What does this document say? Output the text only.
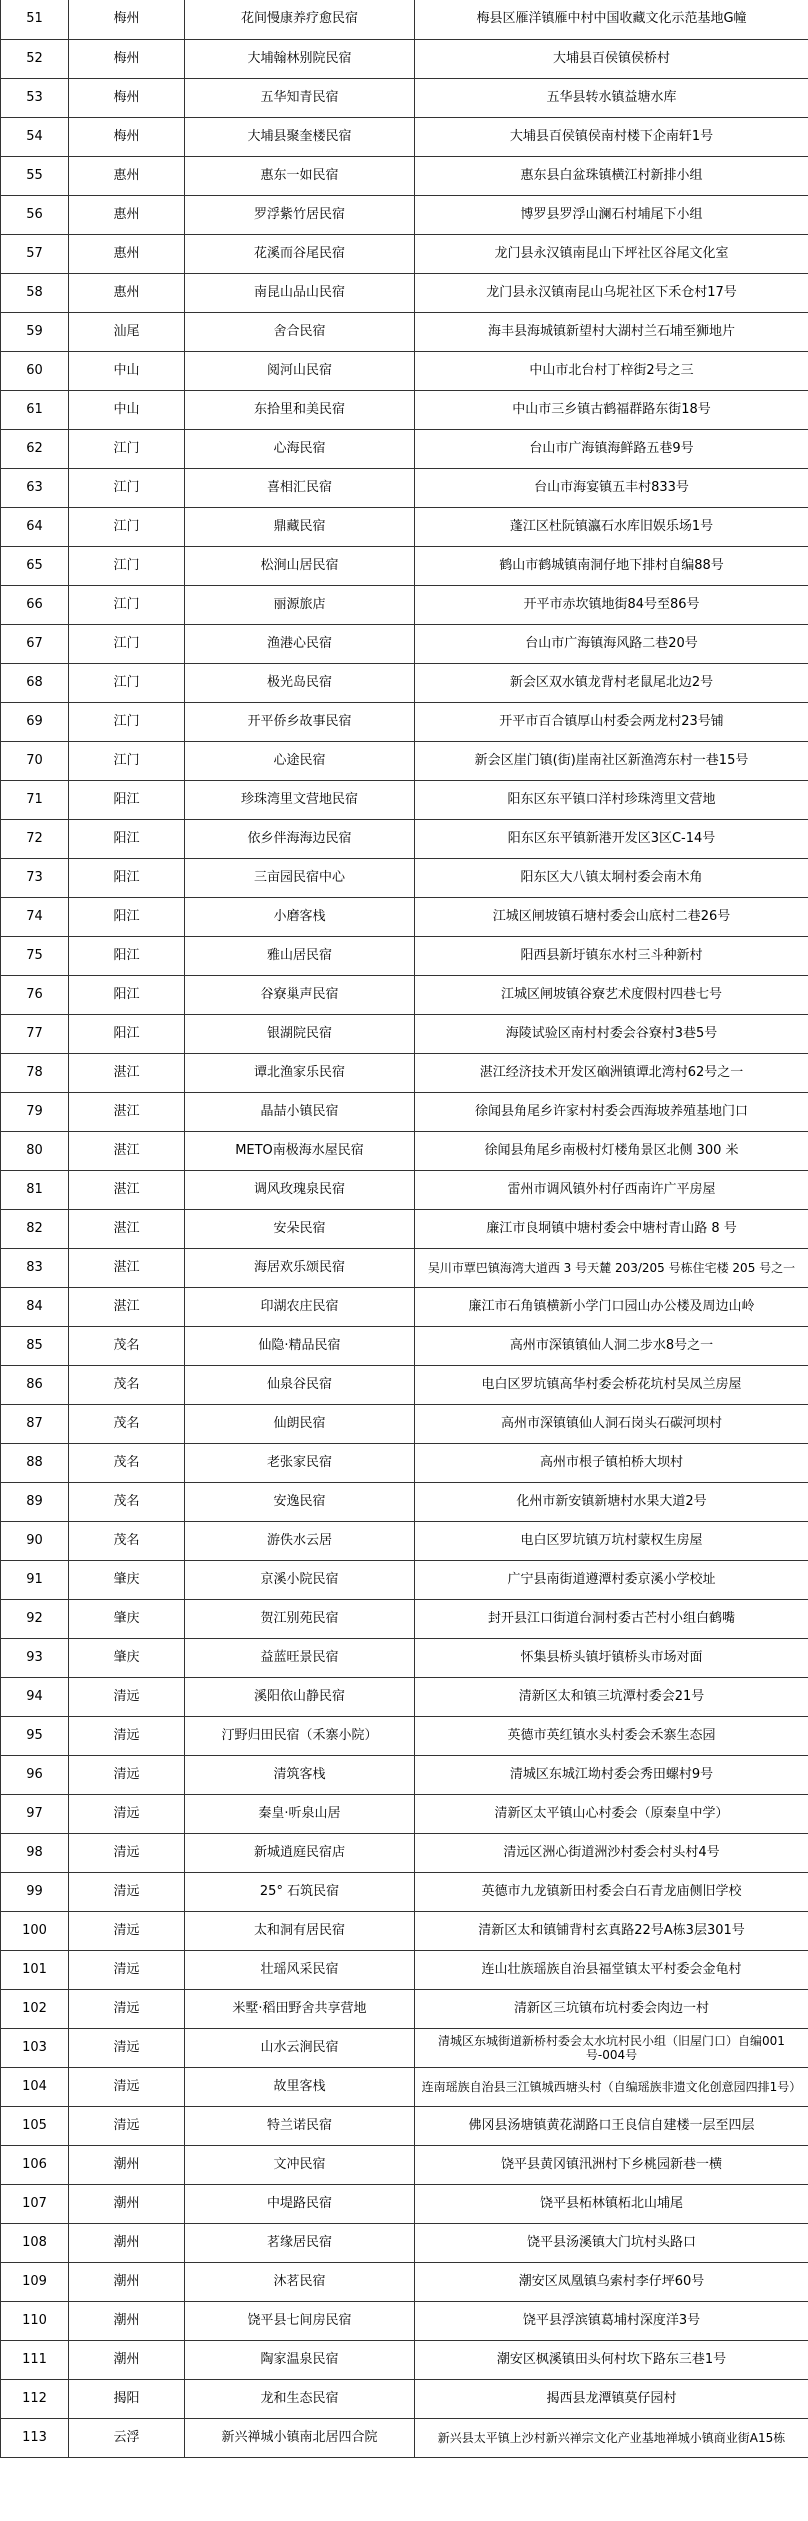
51	梅州	花间慢康养疗愈民宿	梅县区雁洋镇雁中村中国收藏文化示范基地G幢
52	梅州	大埔翰林别院民宿	大埔县百侯镇侯桥村
53	梅州	五华知青民宿	五华县转水镇益塘水库
54	梅州	大埔县聚奎楼民宿	大埔县百侯镇侯南村楼下企南轩1号
55	惠州	惠东一如民宿	惠东县白盆珠镇横江村新排小组
56	惠州	罗浮紫竹居民宿	博罗县罗浮山澜石村埔尾下小组
57	惠州	花溪而谷尾民宿	龙门县永汉镇南昆山下坪社区谷尾文化室
58	惠州	南昆山品山民宿	龙门县永汉镇南昆山乌坭社区下禾仓村17号
59	汕尾	舍合民宿	海丰县海城镇新望村大湖村兰石埔至狮地片
60	中山	阅河山民宿	中山市北台村丁梓街2号之三
61	中山	东拾里和美民宿	中山市三乡镇古鹤福群路东街18号
62	江门	心海民宿	台山市广海镇海鲜路五巷9号
63	江门	喜相汇民宿	台山市海宴镇五丰村833号
64	江门	鼎藏民宿	蓬江区杜阮镇瀛石水库旧娱乐场1号
65	江门	松涧山居民宿	鹤山市鹤城镇南洞仔地下排村自编88号
66	江门	丽源旅店	开平市赤坎镇地街84号至86号
67	江门	渔港心民宿	台山市广海镇海风路二巷20号
68	江门	极光岛民宿	新会区双水镇龙背村老鼠尾北边2号
69	江门	开平侨乡故事民宿	开平市百合镇厚山村委会两龙村23号铺
70	江门	心途民宿	新会区崖门镇(街)崖南社区新渔湾东村一巷15号
71	阳江	珍珠湾里文营地民宿	阳东区东平镇口洋村珍珠湾里文营地
72	阳江	依乡伴海海边民宿	阳东区东平镇新港开发区3区C-14号
73	阳江	三亩园民宿中心	阳东区大八镇太垌村委会南木角
74	阳江	小磨客栈	江城区闸坡镇石塘村委会山底村二巷26号
75	阳江	雅山居民宿	阳西县新圩镇东水村三斗种新村
76	阳江	谷寮巢声民宿	江城区闸坡镇谷寮艺术度假村四巷七号
77	阳江	银湖院民宿	海陵试验区南村村委会谷寮村3巷5号
78	湛江	谭北渔家乐民宿	湛江经济技术开发区硇洲镇谭北湾村62号之一
79	湛江	晶喆小镇民宿	徐闻县角尾乡许家村村委会西海坡养殖基地门口
80	湛江	METO南极海水屋民宿	徐闻县角尾乡南极村灯楼角景区北侧 300 米
81	湛江	调风玫瑰泉民宿	雷州市调风镇外村仔西南许广平房屋
82	湛江	安朵民宿	廉江市良垌镇中塘村委会中塘村青山路 8 号
83	湛江	海居欢乐颂民宿	吴川市覃巴镇海湾大道西 3 号天麓 203/205 号栋住宅楼 205 号之一
84	湛江	印湖农庄民宿	廉江市石角镇横新小学门口园山办公楼及周边山岭
85	茂名	仙隐·精品民宿	高州市深镇镇仙人洞二步水8号之一
86	茂名	仙泉谷民宿	电白区罗坑镇高华村委会桥花坑村吴凤兰房屋
87	茂名	仙朗民宿	高州市深镇镇仙人洞石岗头石碳河坝村
88	茂名	老张家民宿	高州市根子镇柏桥大坝村
89	茂名	安逸民宿	化州市新安镇新塘村水果大道2号
90	茂名	游佚水云居	电白区罗坑镇万坑村蒙权生房屋
91	肇庆	京溪小院民宿	广宁县南街道遵潭村委京溪小学校址
92	肇庆	贺江别苑民宿	封开县江口街道台洞村委古芒村小组白鹤嘴
93	肇庆	益蓝旺景民宿	怀集县桥头镇圩镇桥头市场对面
94	清远	溪阳依山静民宿	清新区太和镇三坑潭村委会21号
95	清远	汀野归田民宿（禾寨小院）	英德市英红镇水头村委会禾寨生态园
96	清远	清筑客栈	清城区东城江坳村委会秀田螺村9号
97	清远	秦皇·听泉山居	清新区太平镇山心村委会（原秦皇中学）
98	清远	新城逍庭民宿店	清远区洲心街道洲沙村委会村头村4号
99	清远	25° 石筑民宿	英德市九龙镇新田村委会白石青龙庙侧旧学校
100	清远	太和洞有居民宿	清新区太和镇铺背村玄真路22号A栋3层301号
101	清远	壮瑶风采民宿	连山壮族瑶族自治县福堂镇太平村委会金龟村
102	清远	米墅·稻田野舍共享营地	清新区三坑镇布坑村委会肉边一村
103	清远	山水云涧民宿	清城区东城街道新桥村委会太水坑村民小组（旧屋门口）自编001号-004号
104	清远	故里客栈	连南瑶族自治县三江镇城西塘头村（自编瑶族非遗文化创意园四排1号）
105	清远	特兰诺民宿	佛冈县汤塘镇黄花湖路口王良信自建楼一层至四层
106	潮州	文冲民宿	饶平县黄冈镇汛洲村下乡桃园新巷一横
107	潮州	中堤路民宿	饶平县柘林镇柘北山埔尾
108	潮州	茗缘居民宿	饶平县汤溪镇大门坑村头路口
109	潮州	沐茗民宿	潮安区凤凰镇乌索村李仔坪60号
110	潮州	饶平县七间房民宿	饶平县浮滨镇葛埔村深度洋3号
111	潮州	陶家温泉民宿	潮安区枫溪镇田头何村坎下路东三巷1号
112	揭阳	龙和生态民宿	揭西县龙潭镇莫仔园村
113	云浮	新兴禅城小镇南北居四合院	新兴县太平镇上沙村新兴禅宗文化产业基地禅城小镇商业街A15栋
